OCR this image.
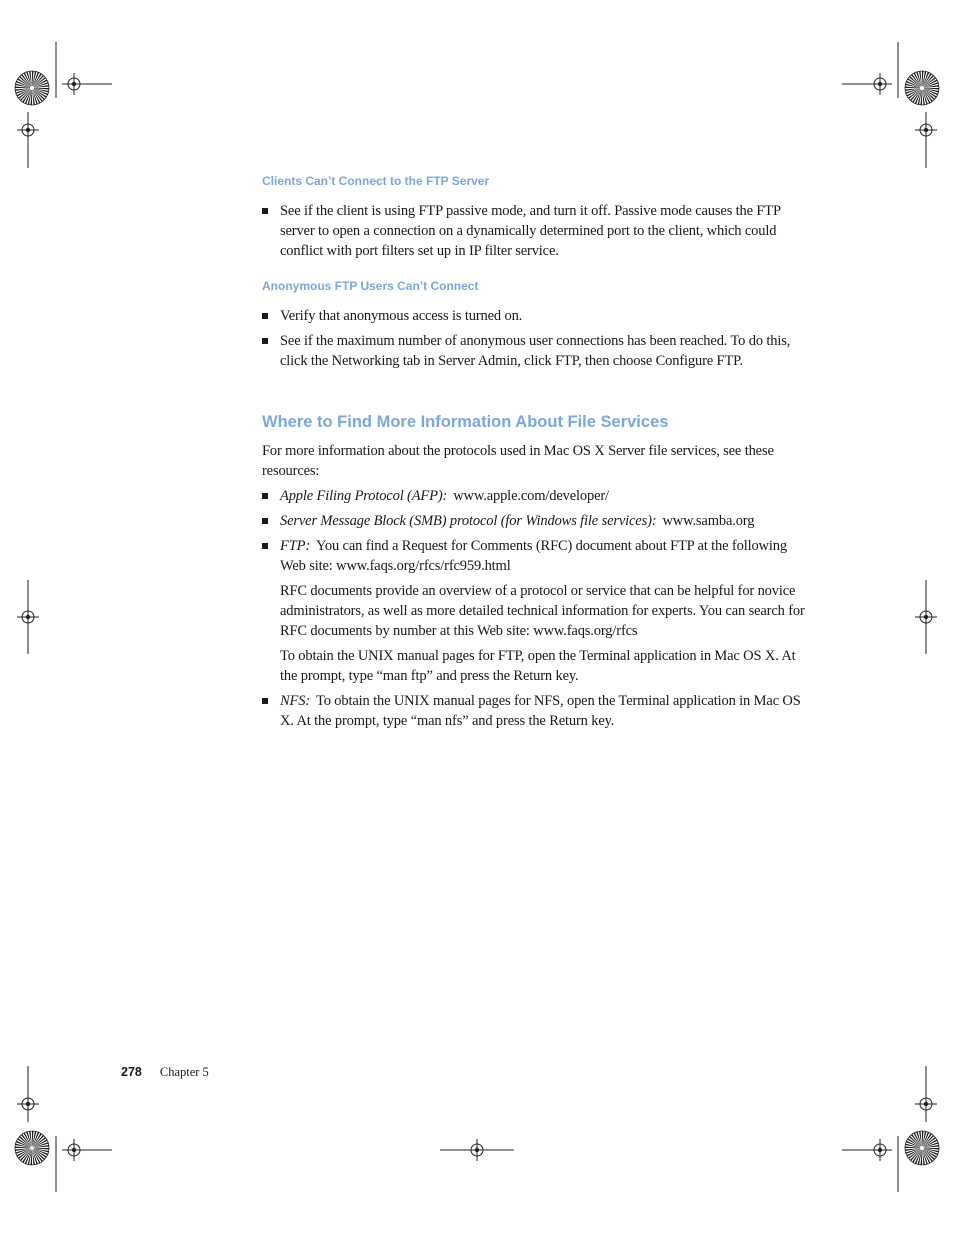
Clients Can’t Connect to the FTP Server
See if the client is using FTP passive mode, and turn it off. Passive mode causes the FTP server to open a connection on a dynamically determined port to the client, which could conflict with port filters set up in IP filter service.
Anonymous FTP Users Can’t Connect
Verify that anonymous access is turned on.
See if the maximum number of anonymous user connections has been reached. To do this, click the Networking tab in Server Admin, click FTP, then choose Configure FTP.
Where to Find More Information About File Services

For more information about the protocols used in Mac OS X Server file services, see these resources:

Apple Filing Protocol (AFP): www.apple.com/developer/
Server Message Block (SMB) protocol (for Windows file services): www.samba.org
FTP: You can find a Request for Comments (RFC) document about FTP at the following Web site: www.faqs.org/rfcs/rfc959.html

RFC documents provide an overview of a protocol or service that can be helpful for novice administrators, as well as more detailed technical information for experts. You can search for RFC documents by number at this Web site: www.faqs.org/rfcs

To obtain the UNIX manual pages for FTP, open the Terminal application in Mac OS X. At the prompt, type “man ftp” and press the Return key.

NFS: To obtain the UNIX manual pages for NFS, open the Terminal application in Mac OS X. At the prompt, type “man nfs” and press the Return key.
278 Chapter 5
